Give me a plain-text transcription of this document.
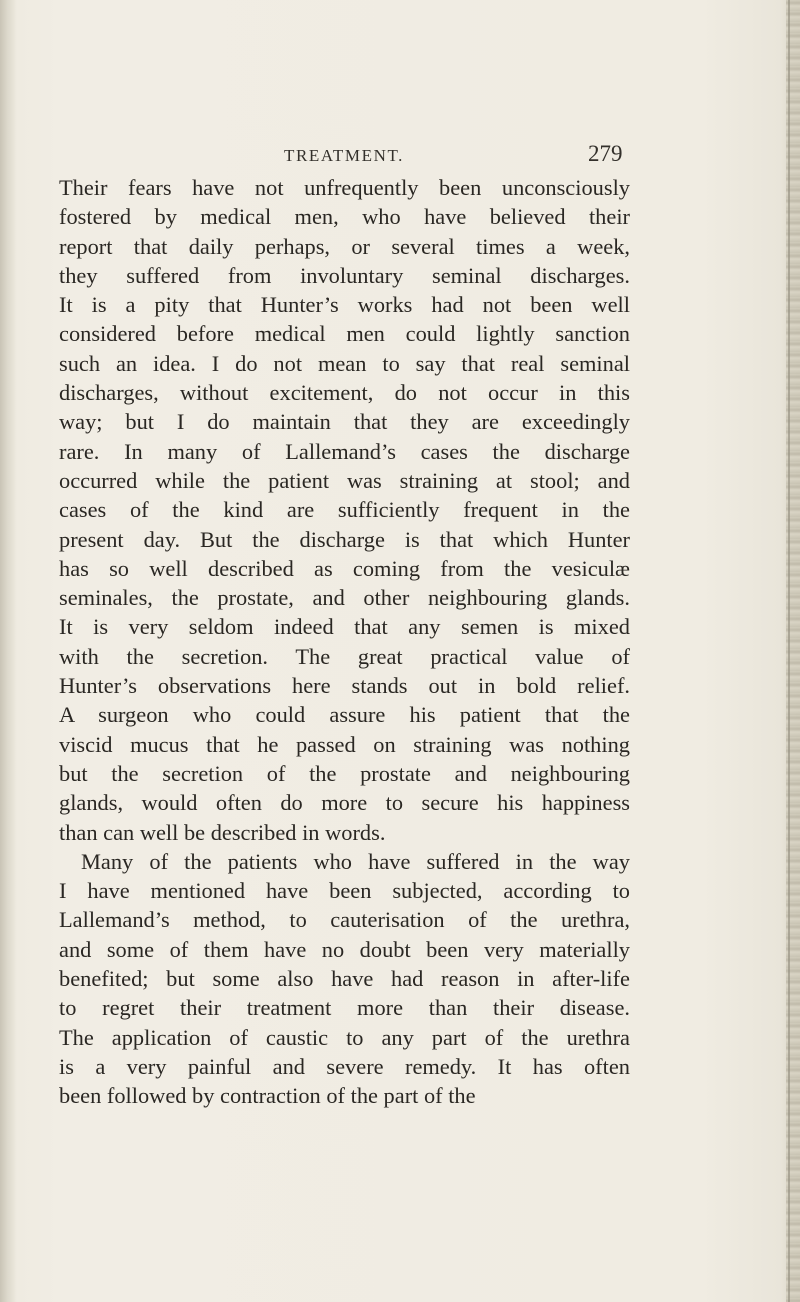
TREATMENT.	279
Their fears have not unfrequently been unconsciously
fostered by medical men, who have believed their
report that daily perhaps, or several times a week,
they suffered from involuntary seminal discharges.
It is a pity that Hunter’s works had not been well
considered before medical men could lightly sanction
such an idea. I do not mean to say that real seminal
discharges, without excitement, do not occur in this
way; but I do maintain that they are exceedingly
rare. In many of Lallemand’s cases the discharge
occurred while the patient was straining at stool; and
cases of the kind are sufficiently frequent in the
present day. But the discharge is that which Hunter
has so well described as coming from the vesiculæ
seminales, the prostate, and other neighbouring glands.
It is very seldom indeed that any semen is mixed
with the secretion. The great practical value of
Hunter’s observations here stands out in bold relief.
A surgeon who could assure his patient that the
viscid mucus that he passed on straining was nothing
but the secretion of the prostate and neighbouring
glands, would often do more to secure his happiness
than can well be described in words.
Many of the patients who have suffered in the way
I have mentioned have been subjected, according to
Lallemand’s method, to cauterisation of the urethra,
and some of them have no doubt been very materially
benefited; but some also have had reason in after-life
to regret their treatment more than their disease.
The application of caustic to any part of the urethra
is a very painful and severe remedy. It has often
been followed by contraction of the part of the
